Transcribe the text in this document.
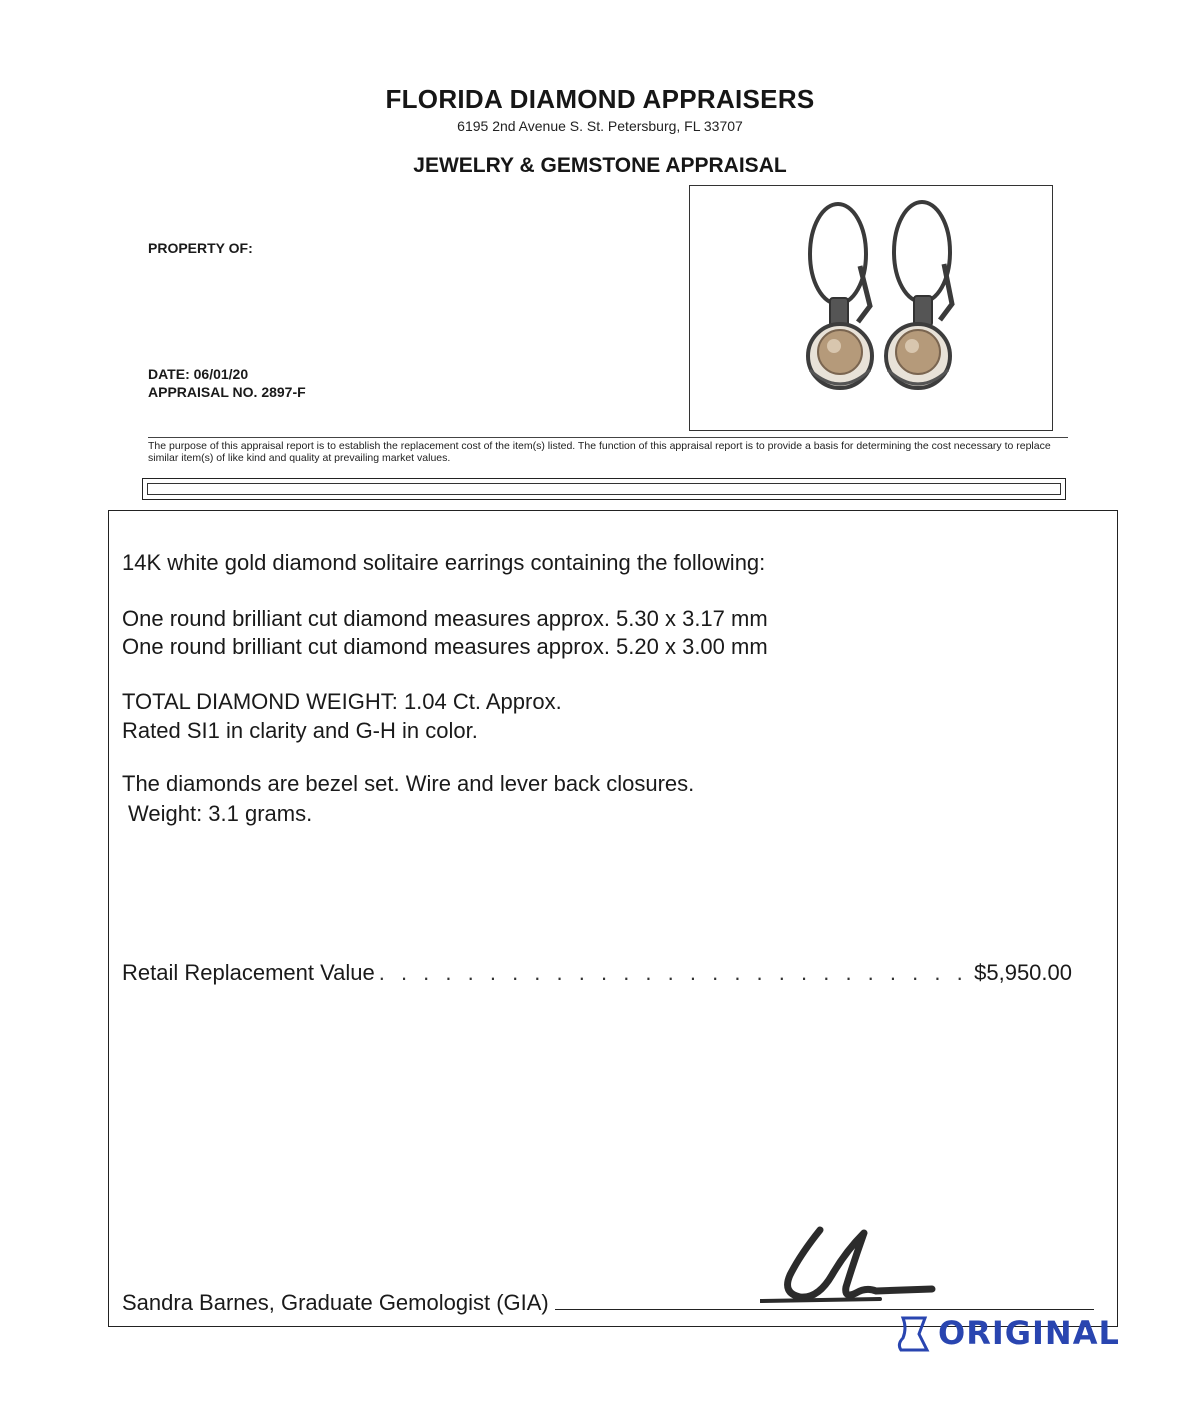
FLORIDA DIAMOND APPRAISERS
6195 2nd Avenue S. St. Petersburg, FL 33707
JEWELRY & GEMSTONE APPRAISAL
PROPERTY OF:
DATE: 06/01/20
APPRAISAL NO. 2897-F
The purpose of this appraisal report is to establish the replacement cost of the item(s) listed. The function of this appraisal report is to provide a basis for determining the cost necessary to replace similar item(s) of like kind and quality at prevailing market values.
14K white gold diamond solitaire earrings containing the following:
One round brilliant cut diamond measures approx. 5.30 x 3.17 mm
One round brilliant cut diamond measures approx. 5.20 x 3.00 mm
TOTAL DIAMOND WEIGHT: 1.04 Ct. Approx.
Rated SI1 in clarity and G-H in color.
The diamonds are bezel set. Wire and lever back closures.
Weight: 3.1 grams.
Retail Replacement Value
. . .	$5,950.00
Sandra Barnes, Graduate Gemologist (GIA)
ORIGINAL
